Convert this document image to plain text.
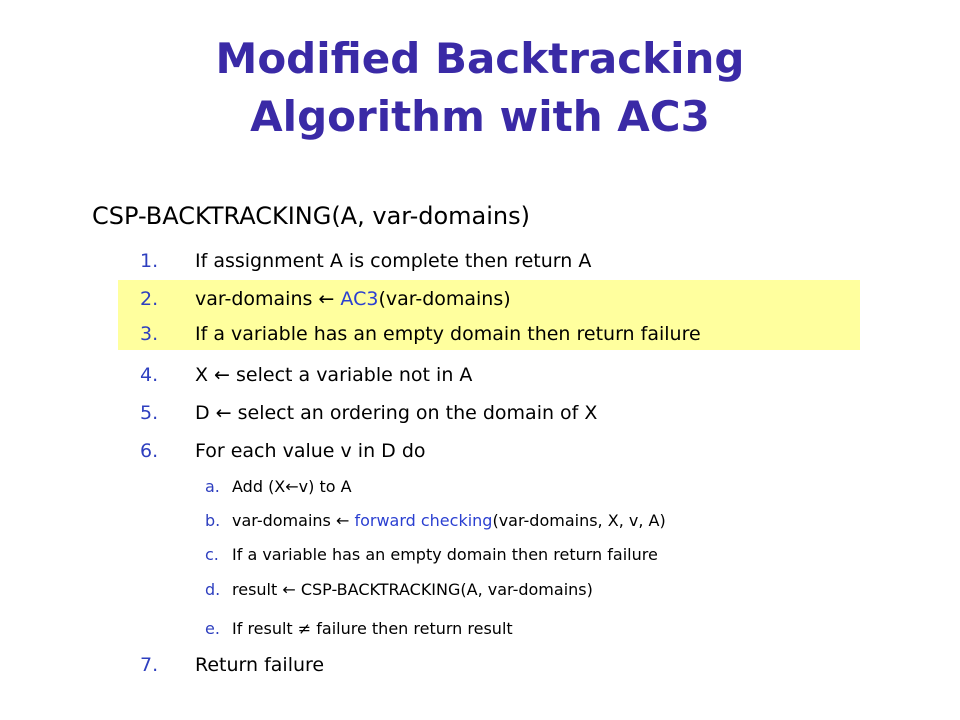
Modified Backtracking
Algorithm with AC3
CSP-BACKTRACKING(A, var-domains)
1. If assignment A is complete then return A
2. var-domains ← AC3(var-domains)
3. If a variable has an empty domain then return failure
4. X ← select a variable not in A
5. D ← select an ordering on the domain of X
6. For each value v in D do
a. Add (X←v) to A
b. var-domains ← forward checking(var-domains, X, v, A)
c. If a variable has an empty domain then return failure
d. result ← CSP-BACKTRACKING(A, var-domains)
e. If result ≠ failure then return result
7. Return failure
